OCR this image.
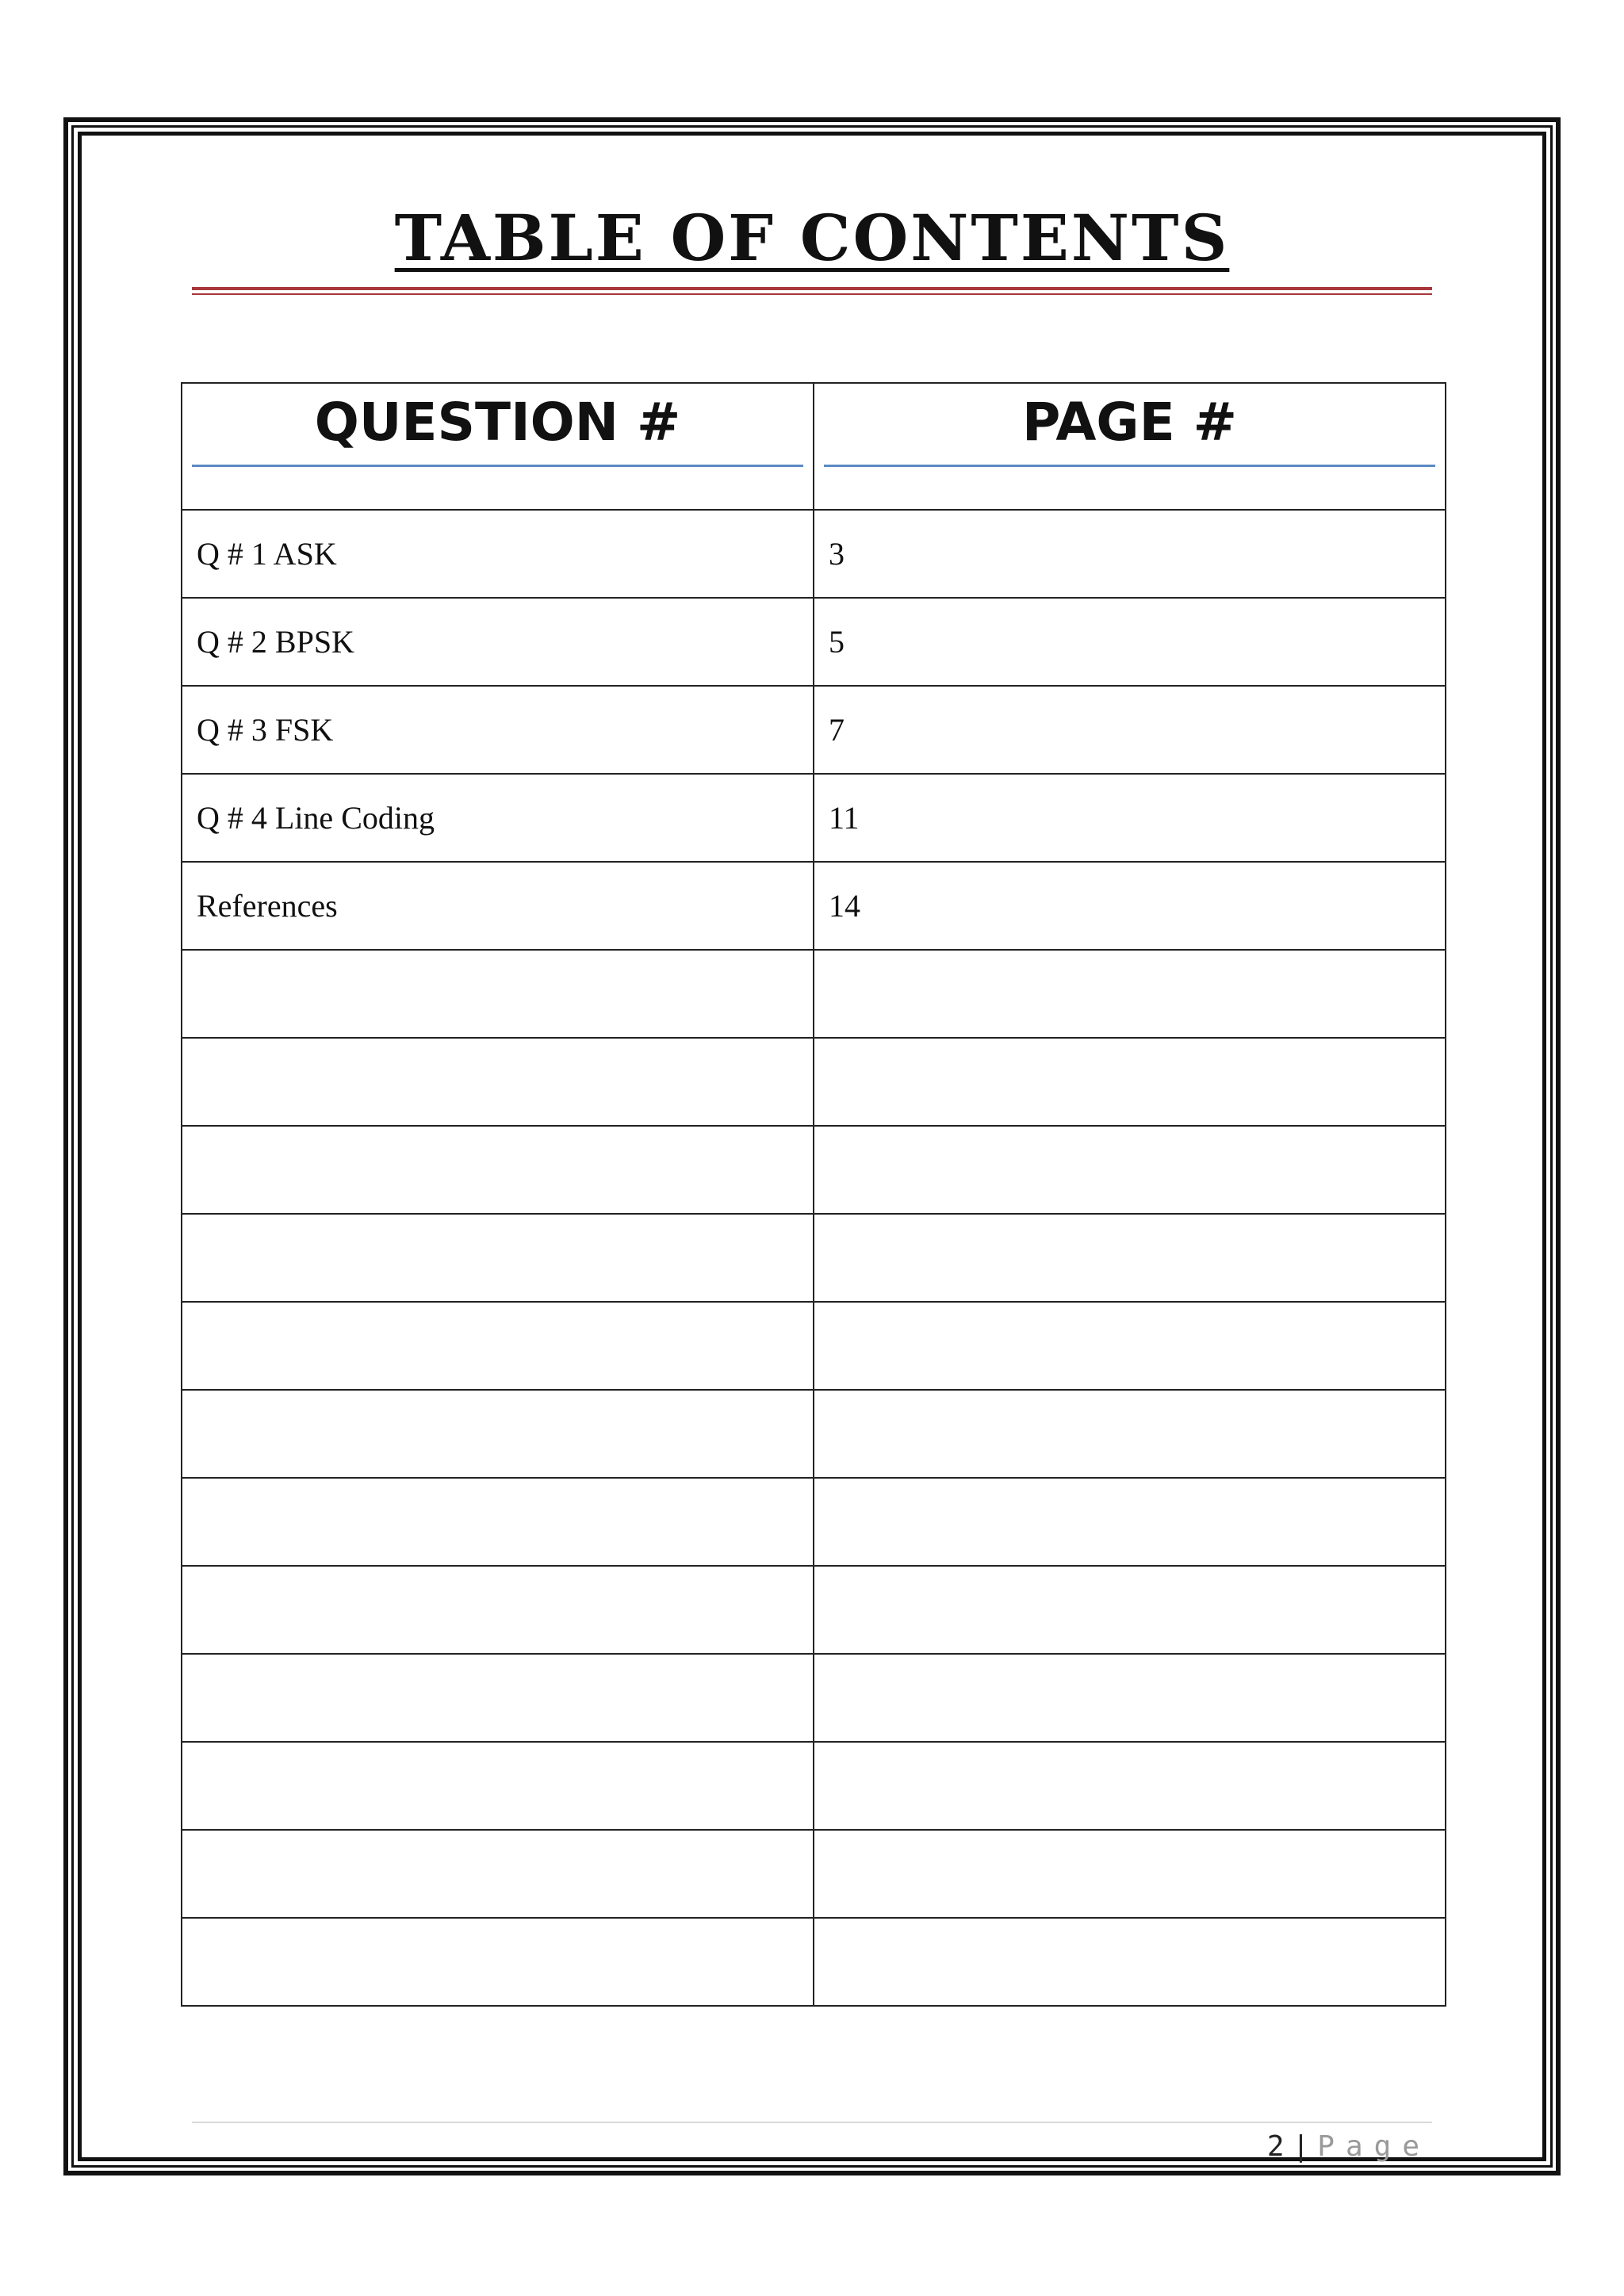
TABLE OF CONTENTS
QUESTION #	PAGE #

Q # 1 ASK	3
Q # 2 BPSK	5
Q # 3 FSK	7
Q # 4 Line Coding	11
References	14

2 | Page
